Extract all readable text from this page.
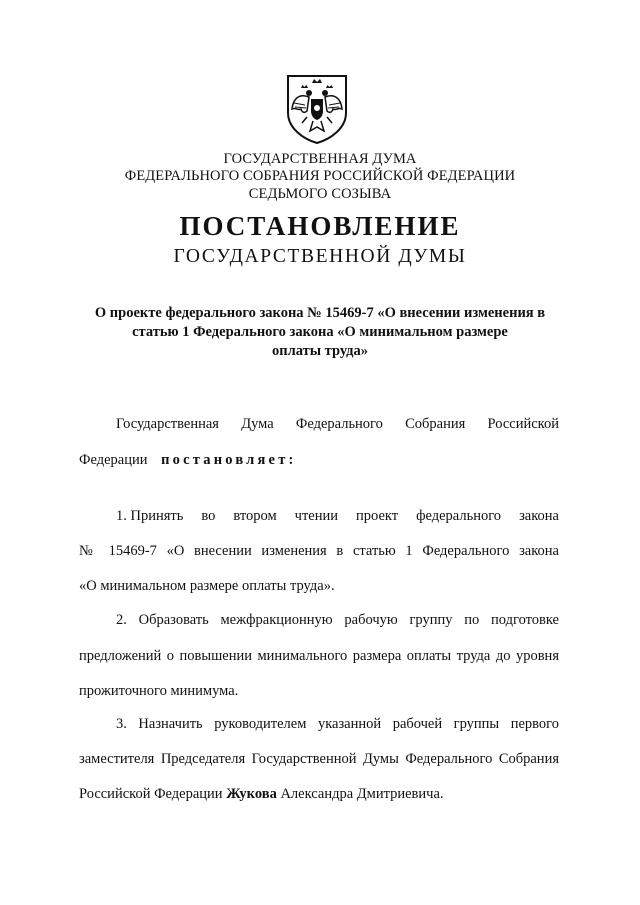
ГОСУДАРСТВЕННАЯ ДУМА
ФЕДЕРАЛЬНОГО СОБРАНИЯ РОССИЙСКОЙ ФЕДЕРАЦИИ
СЕДЬМОГО СОЗЫВА
ПОСТАНОВЛЕНИЕ
ГОСУДАРСТВЕННОЙ ДУМЫ
О проекте федерального закона № 15469-7 «О внесении изменения в
статью 1 Федерального закона «О минимальном размере
оплаты труда»
Государственная Дума Федерального Собрания Российской
Федерации постановляет:
1. Принять во втором чтении проект федерального закона
№ 15469-7 «О внесении изменения в статью 1 Федерального закона
«О минимальном размере оплаты труда».
2. Образовать межфракционную рабочую группу по подготовке
предложений о повышении минимального размера оплаты труда до уровня
прожиточного минимума.
3. Назначить руководителем указанной рабочей группы первого
заместителя Председателя Государственной Думы Федерального Собрания
Российской Федерации Жукова Александра Дмитриевича.
